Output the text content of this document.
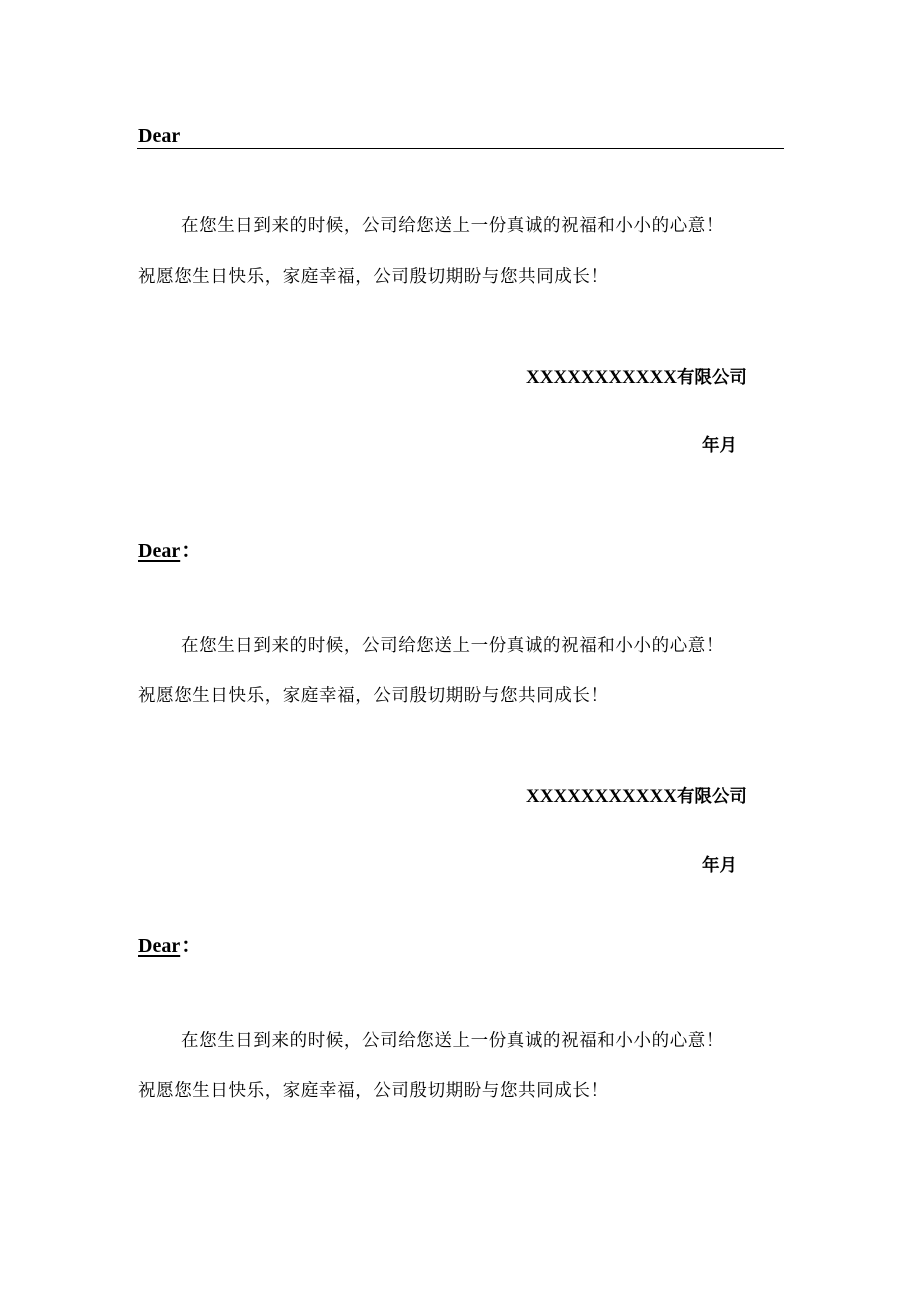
Dear
在您生日到来的时候，公司给您送上一份真诚的祝福和小小的心意！
祝愿您生日快乐，家庭幸福，公司殷切期盼与您共同成长！
XXXXXXXXXXX有限公司
年月
Dear：
在您生日到来的时候，公司给您送上一份真诚的祝福和小小的心意！
祝愿您生日快乐，家庭幸福，公司殷切期盼与您共同成长！
XXXXXXXXXXX有限公司
年月
Dear：
在您生日到来的时候，公司给您送上一份真诚的祝福和小小的心意！
祝愿您生日快乐，家庭幸福，公司殷切期盼与您共同成长！
